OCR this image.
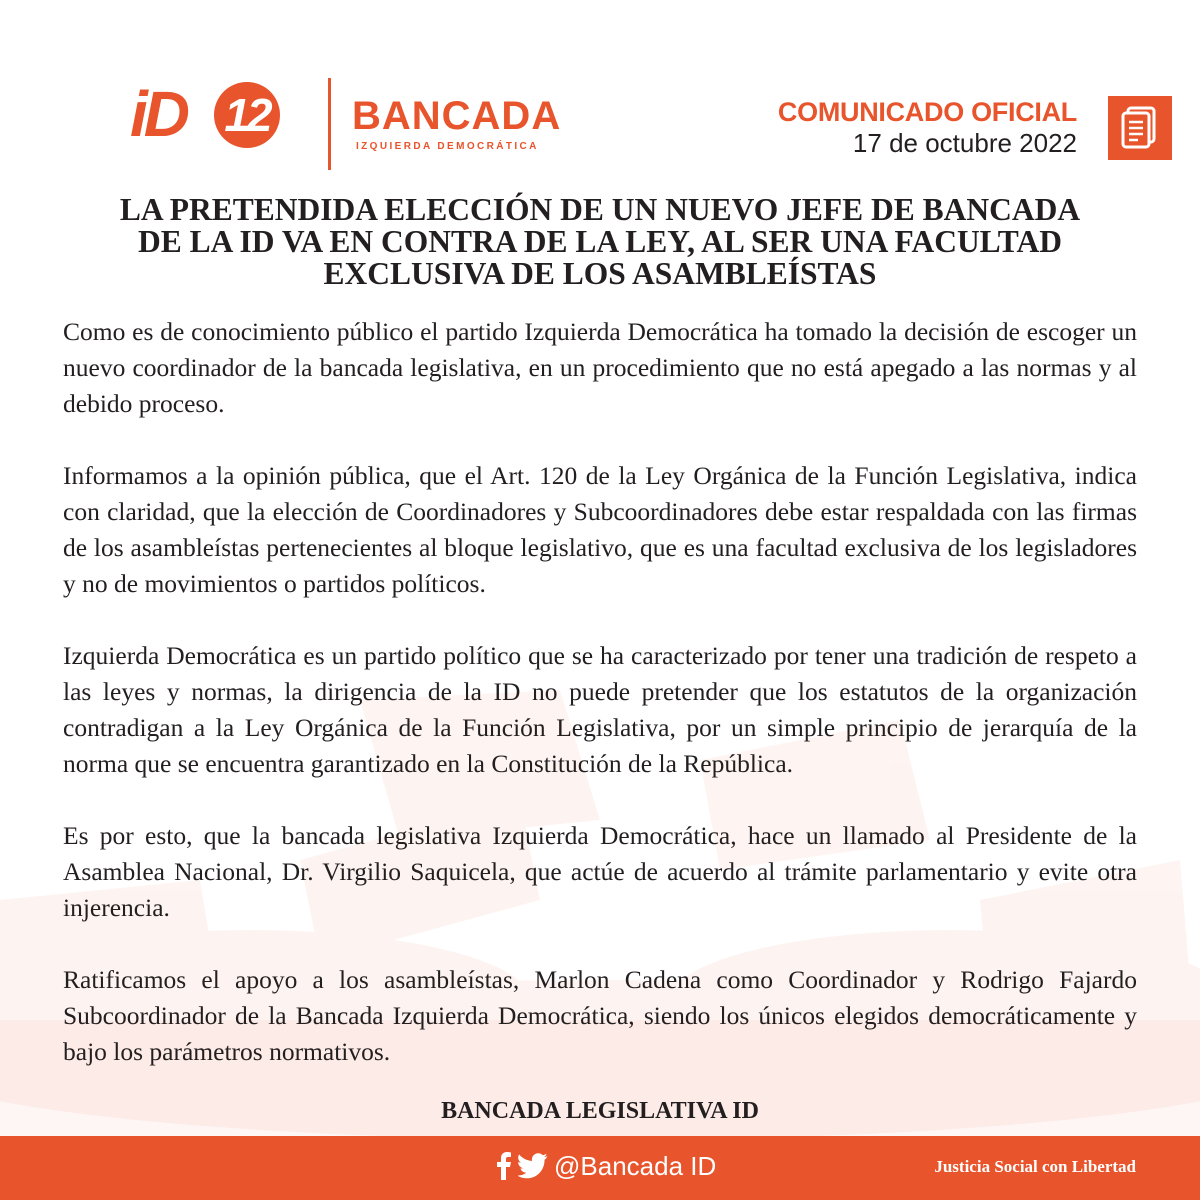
iD 12 BANCADA
IZQUIERDA DEMOCRÁTICA
COMUNICADO OFICIAL
17 de octubre 2022
LA PRETENDIDA ELECCIÓN DE UN NUEVO JEFE DE BANCADA
DE LA ID VA EN CONTRA DE LA LEY, AL SER UNA FACULTAD
EXCLUSIVA DE LOS ASAMBLEÍSTAS

Como es de conocimiento público el partido Izquierda Democrática ha tomado la decisión de escoger un nuevo coordinador de la bancada legislativa, en un procedimiento que no está apegado a las normas y al debido proceso.

Informamos a la opinión pública, que el Art. 120 de la Ley Orgánica de la Función Legislativa, indica con claridad, que la elección de Coordinadores y Subcoordinadores debe estar respaldada con las firmas de los asambleístas pertenecientes al bloque legislativo, que es una facultad exclusiva de los legisladores y no de movimientos o partidos políticos.

Izquierda Democrática es un partido político que se ha caracterizado por tener una tradición de respeto a las leyes y normas, la dirigencia de la ID no puede pretender que los estatutos de la organización contradigan a la Ley Orgánica de la Función Legislativa, por un simple principio de jerarquía de la norma que se encuentra garantizado en la Constitución de la República.

Es por esto, que la bancada legislativa Izquierda Democrática, hace un llamado al Presidente de la Asamblea Nacional, Dr. Virgilio Saquicela, que actúe de acuerdo al trámite parlamentario y evite otra injerencia.

Ratificamos el apoyo a los asambleístas, Marlon Cadena como Coordinador y Rodrigo Fajardo Subcoordinador de la Bancada Izquierda Democrática, siendo los únicos elegidos democráticamente y bajo los parámetros normativos.

BANCADA LEGISLATIVA ID
@Bancada ID	Justicia Social con Libertad
